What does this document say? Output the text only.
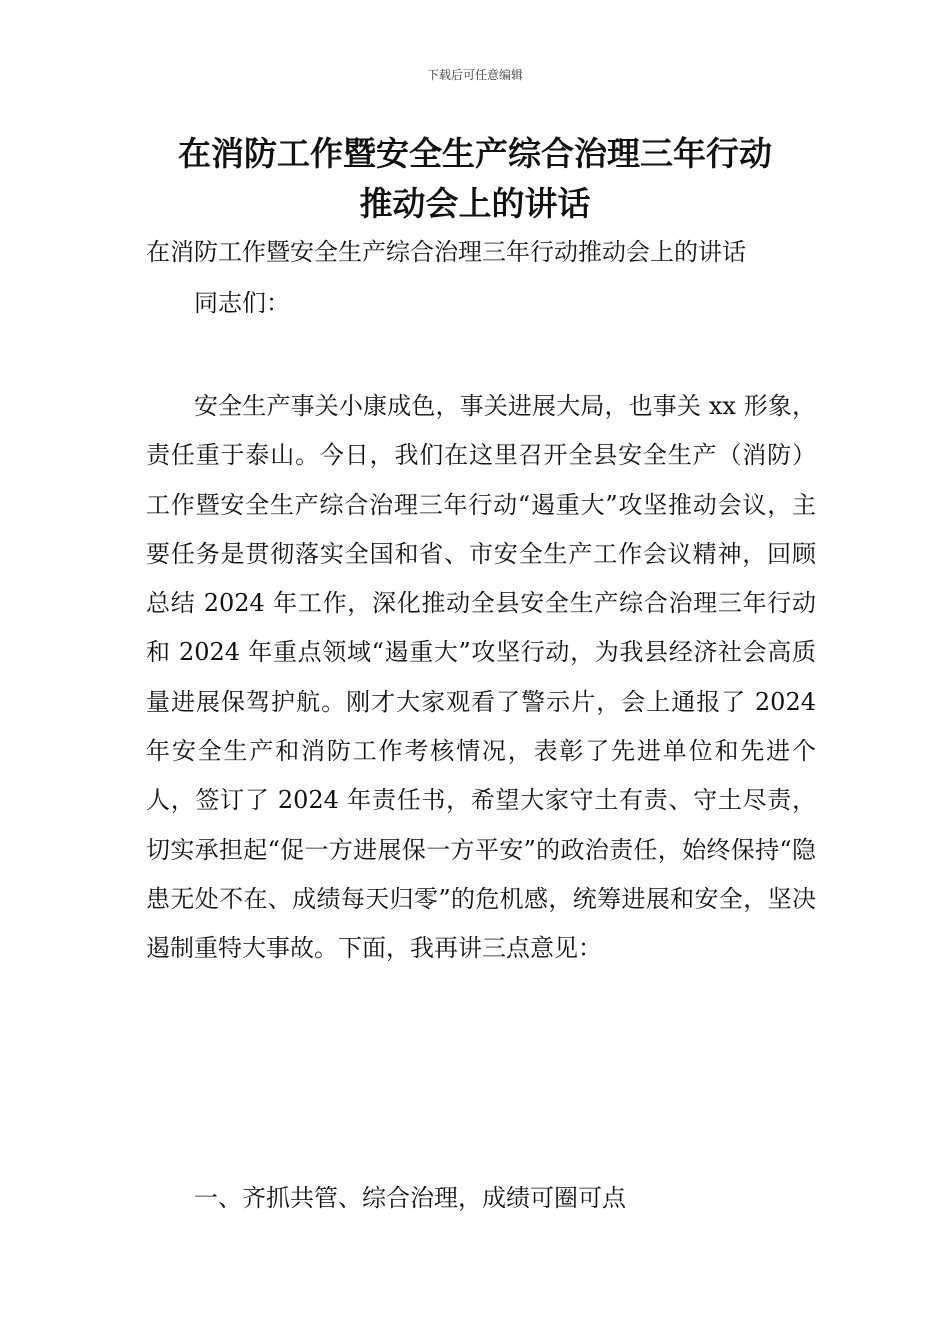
下载后可任意编辑
在消防工作暨安全生产综合治理三年行动
推动会上的讲话
在消防工作暨安全生产综合治理三年行动推动会上的讲话
同志们：

安全生产事关小康成色，事关进展大局，也事关 xx 形象，责任重于泰山。今日，我们在这里召开全县安全生产（消防）工作暨安全生产综合治理三年行动“遏重大”攻坚推动会议，主要任务是贯彻落实全国和省、市安全生产工作会议精神，回顾总结 2024 年工作，深化推动全县安全生产综合治理三年行动和 2024 年重点领域“遏重大”攻坚行动，为我县经济社会高质量进展保驾护航。刚才大家观看了警示片，会上通报了 2024 年安全生产和消防工作考核情况，表彰了先进单位和先进个人，签订了 2024 年责任书，希望大家守土有责、守土尽责，切实承担起“促一方进展保一方平安”的政治责任，始终保持“隐患无处不在、成绩每天归零”的危机感，统筹进展和安全，坚决遏制重特大事故。下面，我再讲三点意见：

一、齐抓共管、综合治理，成绩可圈可点
